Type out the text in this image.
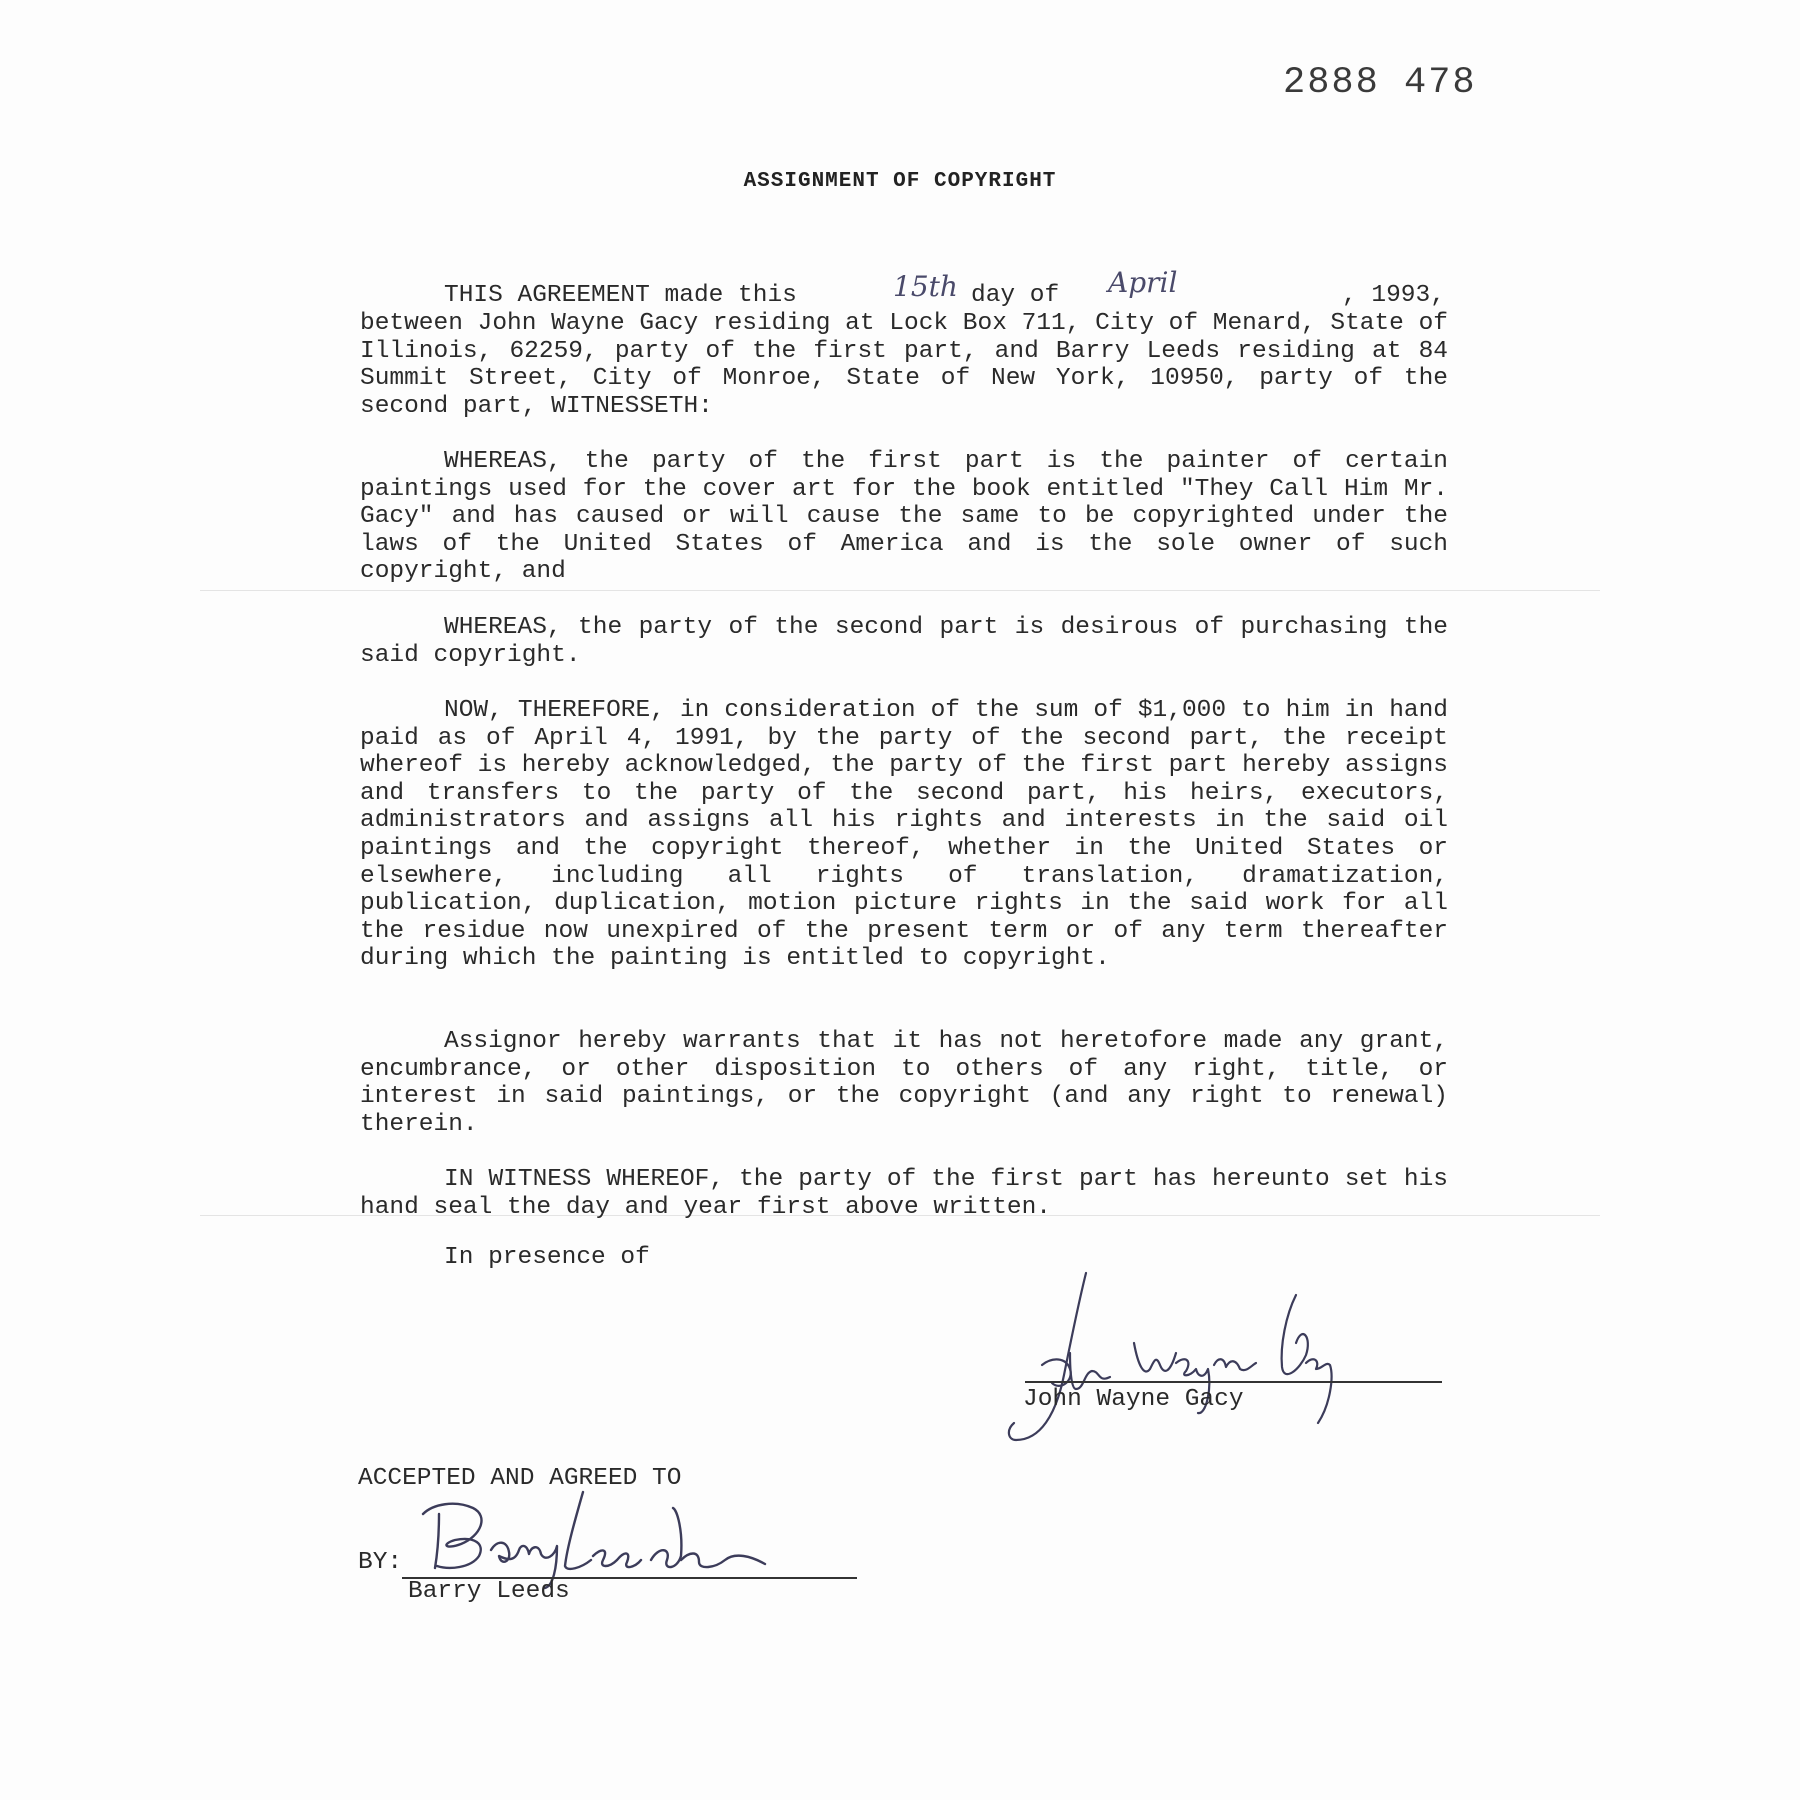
2888 478
ASSIGNMENT OF COPYRIGHT
THIS AGREEMENT made this	15th day of April	, 1993,
between John Wayne Gacy residing at Lock Box 711, City of Menard, State of Illinois, 62259, party of the first part, and Barry Leeds residing at 84 Summit Street, City of Monroe, State of New York, 10950, party of the second part, WITNESSETH:
WHEREAS, the party of the first part is the painter of certain paintings used for the cover art for the book entitled "They Call Him Mr. Gacy" and has caused or will cause the same to be copyrighted under the laws of the United States of America and is the sole owner of such copyright, and
WHEREAS, the party of the second part is desirous of purchasing the said copyright.
NOW, THEREFORE, in consideration of the sum of $1,000 to him in hand paid as of April 4, 1991, by the party of the second part, the receipt whereof is hereby acknowledged, the party of the first part hereby assigns and transfers to the party of the second part, his heirs, executors, administrators and assigns all his rights and interests in the said oil paintings and the copyright thereof, whether in the United States or elsewhere, including all rights of translation, dramatization, publication, duplication, motion picture rights in the said work for all the residue now unexpired of the present term or of any term thereafter during which the painting is entitled to copyright.
Assignor hereby warrants that it has not heretofore made any grant, encumbrance, or other disposition to others of any right, title, or interest in said paintings, or the copyright (and any right to renewal) therein.
IN WITNESS WHEREOF, the party of the first part has hereunto set his hand seal the day and year first above written.
In presence of
John Wayne Gacy
ACCEPTED AND AGREED TO
BY:
Barry Leeds
